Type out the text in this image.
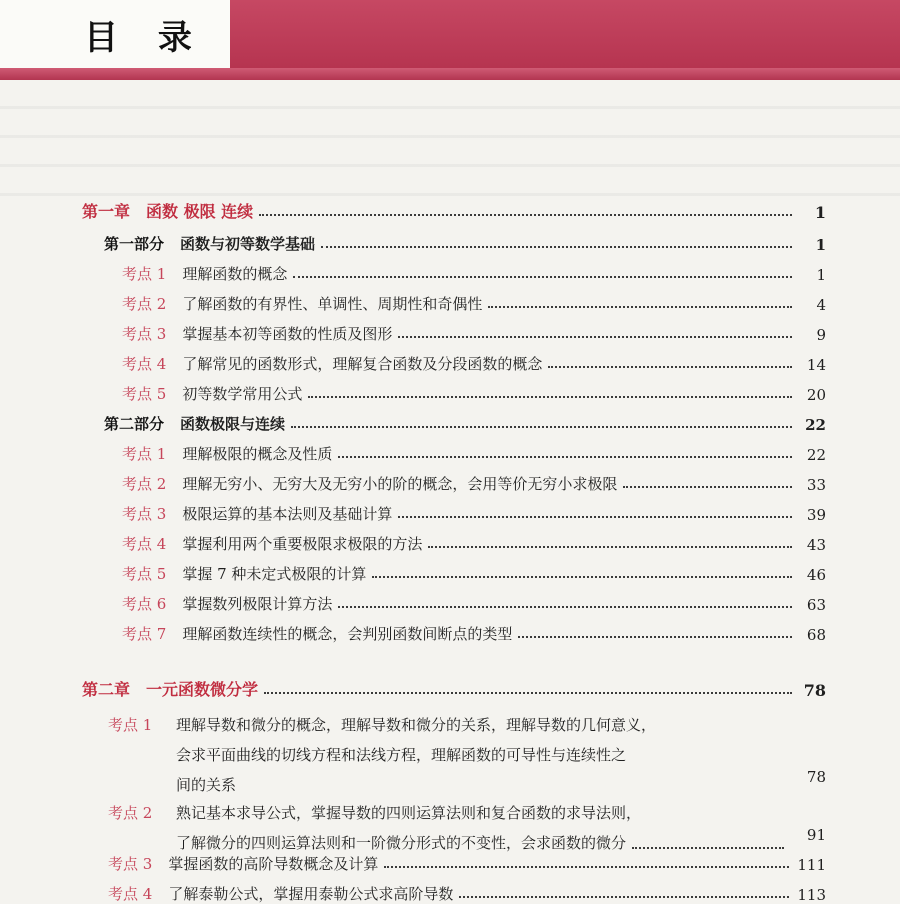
目 录
第一章 函数 极限 连续	1
第一部分 函数与初等数学基础	1
考点 1 理解函数的概念	1
考点 2 了解函数的有界性、单调性、周期性和奇偶性	4
考点 3 掌握基本初等函数的性质及图形	9
考点 4 了解常见的函数形式，理解复合函数及分段函数的概念	14
考点 5 初等数学常用公式	20
第二部分 函数极限与连续	22
考点 1 理解极限的概念及性质	22
考点 2 理解无穷小、无穷大及无穷小的阶的概念，会用等价无穷小求极限	33
考点 3 极限运算的基本法则及基础计算	39
考点 4 掌握利用两个重要极限求极限的方法	43
考点 5 掌握 7 种未定式极限的计算	46
考点 6 掌握数列极限计算方法	63
考点 7 理解函数连续性的概念，会判别函数间断点的类型	68
第二章 一元函数微分学	78
考点 1 理解导数和微分的概念，理解导数和微分的关系，理解导数的几何意义，
会求平面曲线的切线方程和法线方程，理解函数的可导性与连续性之
间的关系	78
考点 2 熟记基本求导公式，掌握导数的四则运算法则和复合函数的求导法则，
了解微分的四则运算法则和一阶微分形式的不变性，会求函数的微分	91
考点 3 掌握函数的高阶导数概念及计算	111
考点 4 了解泰勒公式，掌握用泰勒公式求高阶导数	113
